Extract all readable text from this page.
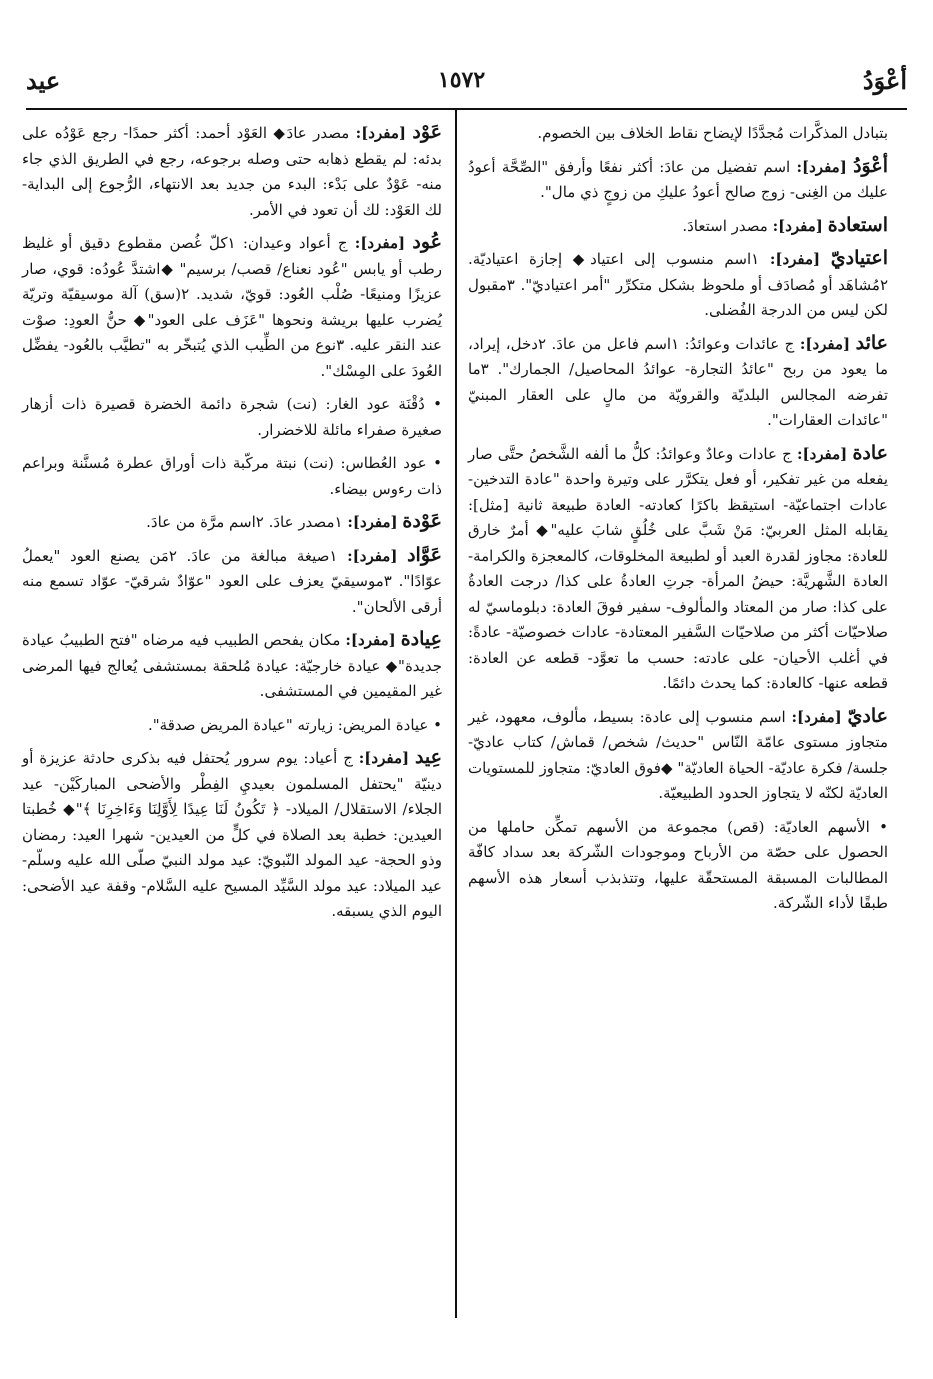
أعْوَدُ
١٥٧٢
عيد
بتبادل المذكَّرات مُجدَّدًا لإيضاح نقاط الخلاف بين الخصوم.
أعْوَدُ [مفرد]: اسم تفضيل من عادَ: أكثر نفعًا وأرفق "الصِّحَّة أعودُ عليك من الغِنى- زوج صالح أعودُ عليكِ من زوجٍ ذي مال".
استعادة [مفرد]: مصدر استعادَ.
اعتياديّ [مفرد]: ١اسم منسوب إلى اعتياد◆ إجازة اعتياديّة. ٢مُشاهَد أو مُصادَف أو ملحوظ بشكل متكرِّر "أمر اعتياديّ". ٣مقبول لكن ليس من الدرجة الفُضلى.
عائد [مفرد]: ج عائدات وعوائدُ: ١اسم فاعل من عادَ. ٢دخل، إيراد، ما يعود من ربح "عائدُ التجارة- عوائدُ المحاصيل/ الجمارك". ٣ما تفرضه المجالس البلديّة والقرويّة من مالٍ على العقار المبنيّ "عائدات العقارات".
عادة [مفرد]: ج عادات وعادٌ وعوائدُ: كلُّ ما ألفه الشَّخصُ حتَّى صار يفعله من غير تفكير، أو فعل يتكرَّر على وتيرة واحدة "عادة التدخين- عادات اجتماعيّة- استيقظ باكرًا كعادته- العادة طبيعة ثانية [مثل]: يقابله المثل العربيّ: مَنْ شَبَّ على خُلُقٍ شابَ عليه"◆ أمرٌ خارق للعادة: مجاوز لقدرة العبد أو لطبيعة المخلوقات، كالمعجزة والكرامة- العادة الشَّهريَّة: حيضُ المرأة- جرتِ العادةُ على كذا/ درجت العادةُ على كذا: صار من المعتاد والمألوف- سفير فوقَ العادة: دبلوماسيّ له صلاحيّات أكثر من صلاحيّات السَّفير المعتادة- عادات خصوصيّة- عادةً: في أغلب الأحيان- على عادته: حسب ما تعوَّد- قطعه عن العادة: قطعه عنها- كالعادة: كما يحدث دائمًا.
عاديّ [مفرد]: اسم منسوب إلى عادة: بسيط، مألوف، معهود، غير متجاوز مستوى عامّة النّاس "حديث/ شخص/ قماش/ كتاب عاديّ- جلسة/ فكرة عاديّة- الحياة العاديّة" ◆فوق العاديّ: متجاوز للمستويات العاديّة لكنّه لا يتجاوز الحدود الطبيعيّة.
• الأسهم العاديّة: (قص) مجموعة من الأسهم تمكِّن حاملها من الحصول على حصّة من الأرباح وموجودات الشّركة بعد سداد كافّة المطالبات المسبقة المستحقّة عليها، وتتذبذب أسعار هذه الأسهم طبقًا لأداء الشّركة.
عَوْد [مفرد]: مصدر عادَ◆ العَوْد أحمد: أكثر حمدًا- رجع عَوْدُه على بدئه: لم يقطع ذهابه حتى وصله برجوعه، رجع في الطريق الذي جاء منه- عَوْدٌ على بَدْء: البدء من جديد بعد الانتهاء، الرُّجوع إلى البداية- لك العَوْد: لك أن تعود في الأمر.
عُود [مفرد]: ج أعواد وعيدان: ١كلّ غُصن مقطوع دقيق أو غليظ رطب أو يابس "عُود نعناع/ قصب/ برسيم" ◆اشتدَّ عُودُه: قوي، صار عزيزًا ومنيعًا- صُلْب العُود: قويّ، شديد. ٢(سق) آلة موسيقيّة وتريّة يُضرب عليها بريشة ونحوها "عَزَف على العود"◆ حنُّ العودِ: صوْت عند النقر عليه. ٣نوع من الطِّيب الذي يُتبخّر به "تطيَّب بالعُود- يفضِّل العُودَ على المِسْك".
• دُقْنَة عود الغار: (نت) شجرة دائمة الخضرة قصيرة ذات أزهار صغيرة صفراء مائلة للاخضرار.
• عود العُطاس: (نت) نبتة مركّبة ذات أوراق عطرة مُسنَّنة وبراعم ذات رءوس بيضاء.
عَوْدة [مفرد]: ١مصدر عادَ. ٢اسم مرَّة من عادَ.
عَوَّاد [مفرد]: ١صيغة مبالغة من عادَ. ٢مَن يصنع العود "يعملُ عوّادًا". ٣موسيقيّ يعزف على العود "عوّادٌ شرقيّ- عوّاد تسمع منه أرقى الألحان".
عِيادة [مفرد]: مكان يفحص الطبيب فيه مرضاه "فتح الطبيبُ عيادة جديدة"◆ عيادة خارجيّة: عيادة مُلحقة بمستشفى يُعالج فيها المرضى غير المقيمين في المستشفى.
• عيادة المريض: زيارته "عيادة المريض صدقة".
عِيد [مفرد]: ج أعياد: يوم سرور يُحتفل فيه بذكرى حادثة عزيزة أو دينيّة "يحتفل المسلمون بعيديِ الفِطْر والأضحى المباركَيْن- عيد الجلاء/ الاستقلال/ الميلاد- ﴿ تَكُونُ لَنَا عِيدًا لِأَوَّلِنَا وَءَاخِرِنَا ﴾"◆ خُطبتا العيدين: خطبة بعد الصلاة في كلٍّ من العيدين- شهرا العيد: رمضان وذو الحجة- عيد المولد النّبويّ: عيد مولد النبيّ صلّى الله عليه وسلّم- عيد الميلاد: عيد مولد السَّيِّد المسيح عليه السَّلام- وقفة عيد الأضحى: اليوم الذي يسبقه.
